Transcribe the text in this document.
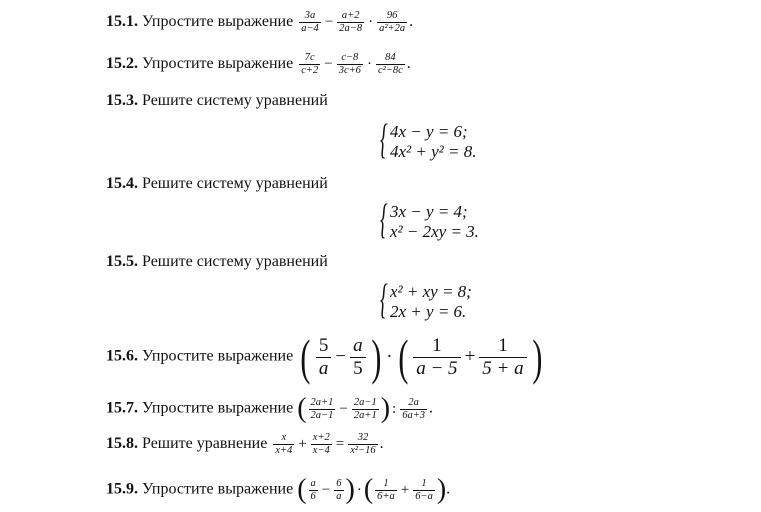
15.1. Упростите выражение $\frac{3a}{a-4} - \frac{a+2}{2a-8} \cdot \frac{96}{\text{a²+2a}}$ .
15.2. Упростите выражение $\frac{7c}{c+2} - \frac{c-8}{3c+6} \cdot \frac{84}{\text{c²−8c}}$ .
15.3. Решите систему уравнений
{ 4x − y = 6;
4x² + y² = 8.
15.4. Решите систему уравнений
{ 3x − y = 4;
x² − 2xy = 3.
15.5. Решите систему уравнений
{ x² + xy = 8;
2x + y = 6.
15.6. Упростите выражение ( $\frac{5}{a} - \frac{a}{5}$ ) · ( $\frac{1}{a - 5} + \frac{1}{5 + a}$ )
15.7. Упростите выражение ( $\frac{2a+1}{2a-1} - \frac{2a-1}{2a+1}$ ) : $\frac{2a}{6a+3}$ .
15.8. Решите уравнение $\frac{x}{x+4} + \frac{x+2}{x-4} = \frac{32}{\text{x²−16}}$ .
15.9. Упростите выражение ( $\frac{a}{6} - \frac{6}{a}$ ) ·( $\frac{1}{6+a} + \frac{1}{6-a}$ ).
